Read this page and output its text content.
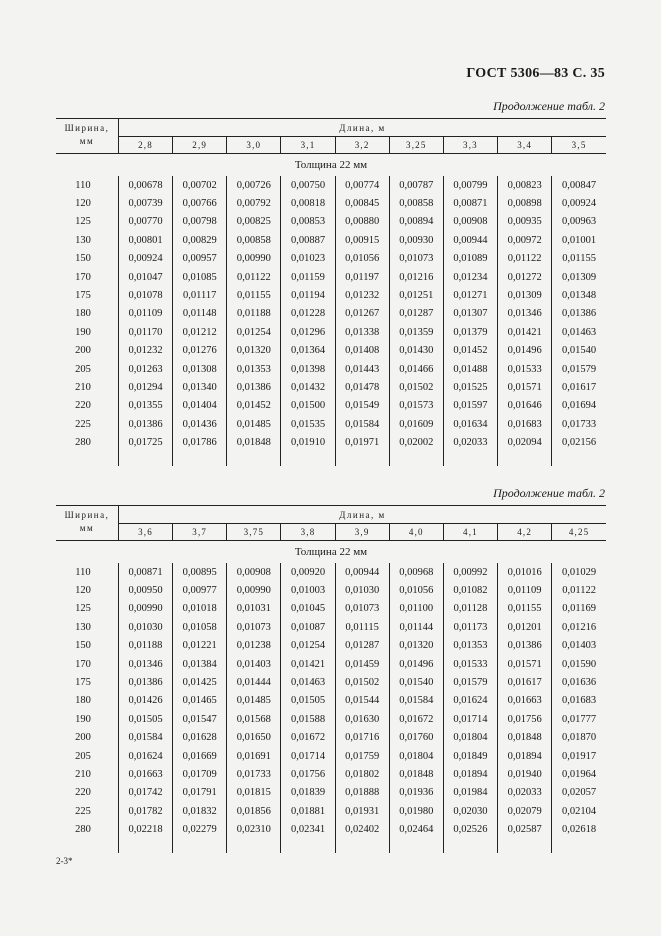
ГОСТ 5306—83 С. 35
Продолжение табл. 2

Ширина, мм	Длина, м								
	2,8	2,9	3,0	3,1	3,2	3,25	3,3	3,4	3,5
Толщина 22 мм									
110	0,00678	0,00702	0,00726	0,00750	0,00774	0,00787	0,00799	0,00823	0,00847
120	0,00739	0,00766	0,00792	0,00818	0,00845	0,00858	0,00871	0,00898	0,00924
125	0,00770	0,00798	0,00825	0,00853	0,00880	0,00894	0,00908	0,00935	0,00963
130	0,00801	0,00829	0,00858	0,00887	0,00915	0,00930	0,00944	0,00972	0,01001
150	0,00924	0,00957	0,00990	0,01023	0,01056	0,01073	0,01089	0,01122	0,01155
170	0,01047	0,01085	0,01122	0,01159	0,01197	0,01216	0,01234	0,01272	0,01309
175	0,01078	0,01117	0,01155	0,01194	0,01232	0,01251	0,01271	0,01309	0,01348
180	0,01109	0,01148	0,01188	0,01228	0,01267	0,01287	0,01307	0,01346	0,01386
190	0,01170	0,01212	0,01254	0,01296	0,01338	0,01359	0,01379	0,01421	0,01463
200	0,01232	0,01276	0,01320	0,01364	0,01408	0,01430	0,01452	0,01496	0,01540
205	0,01263	0,01308	0,01353	0,01398	0,01443	0,01466	0,01488	0,01533	0,01579
210	0,01294	0,01340	0,01386	0,01432	0,01478	0,01502	0,01525	0,01571	0,01617
220	0,01355	0,01404	0,01452	0,01500	0,01549	0,01573	0,01597	0,01646	0,01694
225	0,01386	0,01436	0,01485	0,01535	0,01584	0,01609	0,01634	0,01683	0,01733
280	0,01725	0,01786	0,01848	0,01910	0,01971	0,02002	0,02033	0,02094	0,02156

Продолжение табл. 2

Ширина, мм	Длина, м								
	3,6	3,7	3,75	3,8	3,9	4,0	4,1	4,2	4,25
Толщина 22 мм									
110	0,00871	0,00895	0,00908	0,00920	0,00944	0,00968	0,00992	0,01016	0,01029
120	0,00950	0,00977	0,00990	0,01003	0,01030	0,01056	0,01082	0,01109	0,01122
125	0,00990	0,01018	0,01031	0,01045	0,01073	0,01100	0,01128	0,01155	0,01169
130	0,01030	0,01058	0,01073	0,01087	0,01115	0,01144	0,01173	0,01201	0,01216
150	0,01188	0,01221	0,01238	0,01254	0,01287	0,01320	0,01353	0,01386	0,01403
170	0,01346	0,01384	0,01403	0,01421	0,01459	0,01496	0,01533	0,01571	0,01590
175	0,01386	0,01425	0,01444	0,01463	0,01502	0,01540	0,01579	0,01617	0,01636
180	0,01426	0,01465	0,01485	0,01505	0,01544	0,01584	0,01624	0,01663	0,01683
190	0,01505	0,01547	0,01568	0,01588	0,01630	0,01672	0,01714	0,01756	0,01777
200	0,01584	0,01628	0,01650	0,01672	0,01716	0,01760	0,01804	0,01848	0,01870
205	0,01624	0,01669	0,01691	0,01714	0,01759	0,01804	0,01849	0,01894	0,01917
210	0,01663	0,01709	0,01733	0,01756	0,01802	0,01848	0,01894	0,01940	0,01964
220	0,01742	0,01791	0,01815	0,01839	0,01888	0,01936	0,01984	0,02033	0,02057
225	0,01782	0,01832	0,01856	0,01881	0,01931	0,01980	0,02030	0,02079	0,02104
280	0,02218	0,02279	0,02310	0,02341	0,02402	0,02464	0,02526	0,02587	0,02618

2-3*
